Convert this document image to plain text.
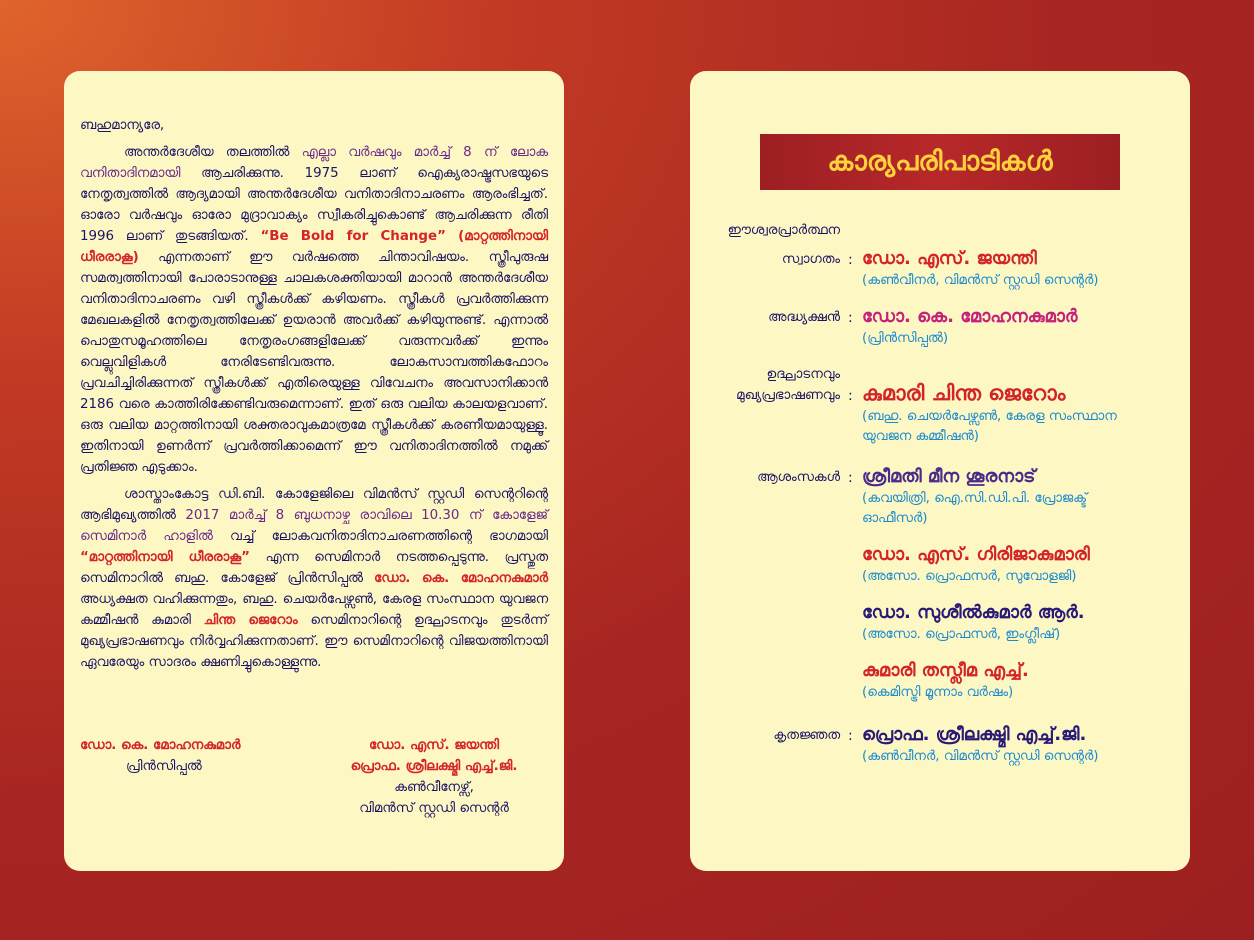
ബഹുമാന്യരേ,

അന്തർദേശീയ തലത്തിൽ എല്ലാ വർഷവും മാർച്ച് 8 ന് ലോക വനിതാദിനമായി ആചരിക്കുന്നു. 1975 ലാണ് ഐക്യരാഷ്ട്രസഭയുടെ നേതൃത്വത്തിൽ ആദ്യമായി അന്തർദേശീയ വനിതാദിനാചരണം ആരംഭിച്ചത്. ഓരോ വർഷവും ഓരോ മുദ്രാവാക്യം സ്വീകരിച്ചുകൊണ്ട് ആചരിക്കുന്ന രീതി 1996 ലാണ് തുടങ്ങിയത്. “Be Bold for Change” (മാറ്റത്തിനായി ധീരരാകൂ) എന്നതാണ് ഈ വർഷത്തെ ചിന്താവിഷയം. സ്ത്രീപുരുഷ സമത്വത്തിനായി പോരാടാനുള്ള ചാലകശക്തിയായി മാറാൻ അന്തർദേശീയ വനിതാദിനാചരണം വഴി സ്ത്രീകൾക്ക് കഴിയണം. സ്ത്രീകൾ പ്രവർത്തിക്കുന്ന മേഖലകളിൽ നേതൃത്വത്തിലേക്ക് ഉയരാൻ അവർക്ക് കഴിയുന്നുണ്ട്. എന്നാൽ പൊതുസമൂഹത്തിലെ നേതൃരംഗങ്ങളിലേക്ക് വരുന്നവർക്ക് ഇന്നും വെല്ലുവിളികൾ നേരിടേണ്ടിവരുന്നു. ലോകസാമ്പത്തികഫോറം പ്രവചിച്ചിരിക്കുന്നത് സ്ത്രീകൾക്ക് എതിരെയുള്ള വിവേചനം അവസാനിക്കാൻ 2186 വരെ കാത്തിരിക്കേണ്ടിവരുമെന്നാണ്. ഇത് ഒരു വലിയ കാലയളവാണ്. ഒരു വലിയ മാറ്റത്തിനായി ശക്തരാവുകമാത്രമേ സ്ത്രീകൾക്ക് കരണീയമായുള്ളൂ. ഇതിനായി ഉണർന്ന് പ്രവർത്തിക്കാമെന്ന് ഈ വനിതാദിനത്തിൽ നമുക്ക് പ്രതിജ്ഞ എടുക്കാം.

ശാസ്താംകോട്ട ഡി.ബി. കോളേജിലെ വിമൻസ് സ്റ്റഡി സെന്ററിന്റെ ആഭിമുഖ്യത്തിൽ 2017 മാർച്ച് 8 ബുധനാഴ്ച രാവിലെ 10.30 ന് കോളേജ് സെമിനാർ ഹാളിൽ വച്ച് ലോകവനിതാദിനാചരണത്തിന്റെ ഭാഗമായി “മാറ്റത്തിനായി ധീരരാകൂ” എന്ന സെമിനാർ നടത്തപ്പെടുന്നു. പ്രസ്തുത സെമിനാറിൽ ബഹു. കോളേജ് പ്രിൻസിപ്പൽ ഡോ. കെ. മോഹനകുമാർ അധ്യക്ഷത വഹിക്കുന്നതും, ബഹു. ചെയർപേഴ്സൺ, കേരള സംസ്ഥാന യുവജന കമ്മീഷൻ കുമാരി ചിന്ത ജെറോം സെമിനാറിന്റെ ഉദ്ഘാടനവും തുടർന്ന് മുഖ്യപ്രഭാഷണവും നിർവ്വഹിക്കുന്നതാണ്. ഈ സെമിനാറിന്റെ വിജയത്തിനായി ഏവരേയും സാദരം ക്ഷണിച്ചുകൊള്ളുന്നു.

ഡോ. കെ. മോഹനകുമാർ
പ്രിൻസിപ്പൽ
ഡോ. എസ്. ജയന്തി
പ്രൊഫ. ശ്രീലക്ഷ്മി എച്ച്.ജി.
കൺവീനേഴ്സ്,
വിമൻസ് സ്റ്റഡി സെന്റർ
കാര്യപരിപാടികൾ
ഈശ്വരപ്രാർത്ഥന
സ്വാഗതം : ഡോ. എസ്. ജയന്തി
(കൺവീനർ, വിമൻസ് സ്റ്റഡി സെന്റർ)
അദ്ധ്യക്ഷൻ : ഡോ. കെ. മോഹനകുമാർ
(പ്രിൻസിപ്പൽ)
ഉദ്ഘാടനവും
മുഖ്യപ്രഭാഷണവും : കുമാരി ചിന്ത ജെറോം
(ബഹു. ചെയർപേഴ്സൺ, കേരള സംസ്ഥാന
യുവജന കമ്മീഷൻ)
ആശംസകൾ : ശ്രീമതി മീന ശൂരനാട്
(കവയിത്രി, ഐ.സി.ഡി.പി. പ്രോജക്ട്
ഓഫീസർ)
ഡോ. എസ്. ഗിരിജാകുമാരി
(അസോ. പ്രൊഫസർ, സുവോളജി)
ഡോ. സുശീൽകുമാർ ആർ.
(അസോ. പ്രൊഫസർ, ഇംഗ്ലീഷ്)
കുമാരി തസ്ലീമ എച്ച്.
(കെമിസ്ട്രി മൂന്നാം വർഷം)
കൃതജ്ഞത : പ്രൊഫ. ശ്രീലക്ഷ്മി എച്ച്.ജി.
(കൺവീനർ, വിമൻസ് സ്റ്റഡി സെന്റർ)
